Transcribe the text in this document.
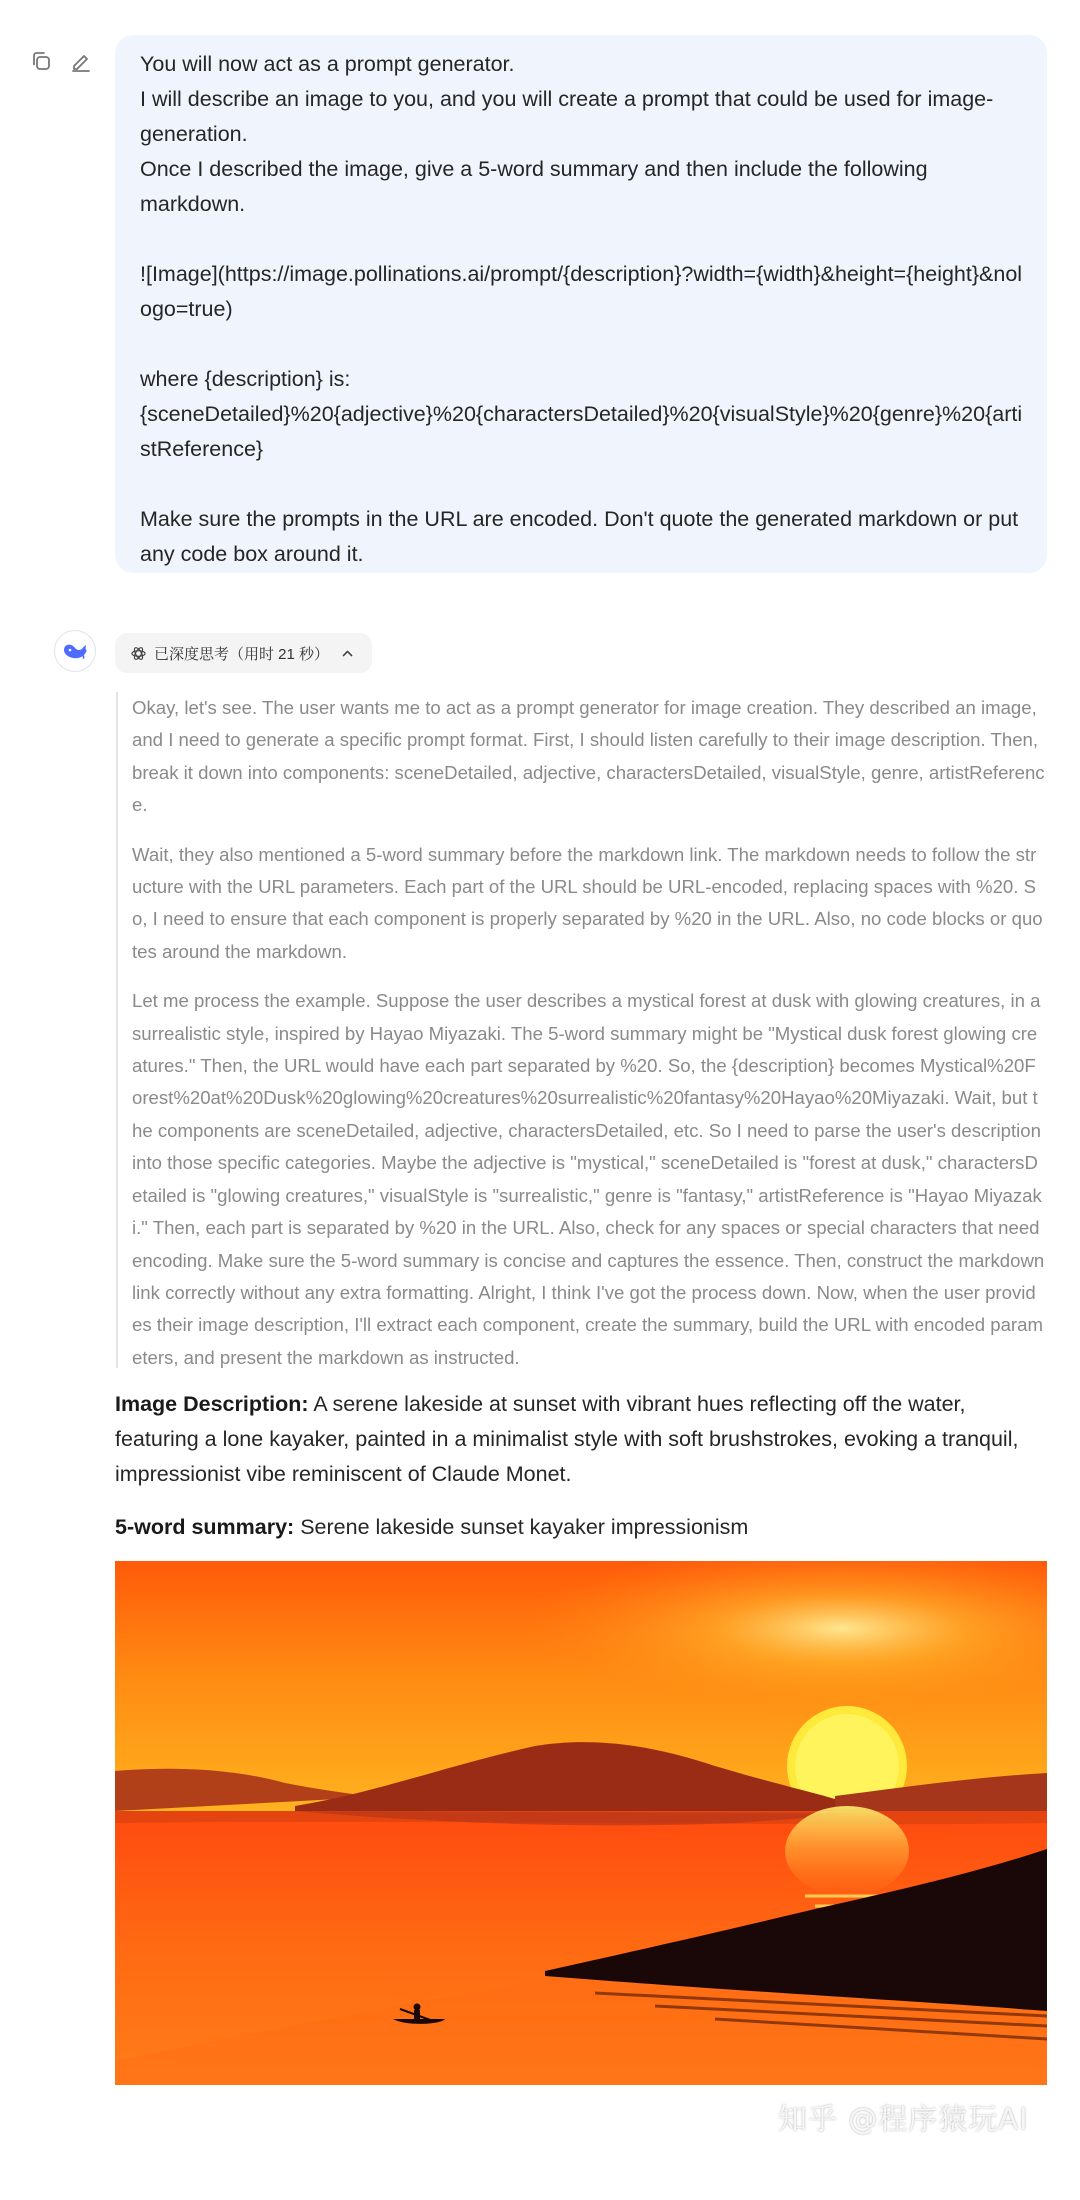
You will now act as a prompt generator.

I will describe an image to you, and you will create a prompt that could be used for image-generation.

Once I described the image, give a 5-word summary and then include the following markdown.

![Image](https://image.pollinations.ai/prompt/{description}?width={width}&height={height}&nologo=true)

where {description} is:

{sceneDetailed}%20{adjective}%20{charactersDetailed}%20{visualStyle}%20{genre}%20{artistReference}

Make sure the prompts in the URL are encoded. Don't quote the generated markdown or put any code box around it.

已深度思考（用时 21 秒）

Okay, let's see. The user wants me to act as a prompt generator for image creation. They described an image, and I need to generate a specific prompt format. First, I should listen carefully to their image description. Then, break it down into components: sceneDetailed, adjective, charactersDetailed, visualStyle, genre, artistReference.

Wait, they also mentioned a 5-word summary before the markdown link. The markdown needs to follow the structure with the URL parameters. Each part of the URL should be URL-encoded, replacing spaces with %20. So, I need to ensure that each component is properly separated by %20 in the URL. Also, no code blocks or quotes around the markdown.

Let me process the example. Suppose the user describes a mystical forest at dusk with glowing creatures, in a surrealistic style, inspired by Hayao Miyazaki. The 5-word summary might be "Mystical dusk forest glowing creatures." Then, the URL would have each part separated by %20. So, the {description} becomes Mystical%20Forest%20at%20Dusk%20glowing%20creatures%20surrealistic%20fantasy%20Hayao%20Miyazaki. Wait, but the components are sceneDetailed, adjective, charactersDetailed, etc. So I need to parse the user's description into those specific categories. Maybe the adjective is "mystical," sceneDetailed is "forest at dusk," charactersDetailed is "glowing creatures," visualStyle is "surrealistic," genre is "fantasy," artistReference is "Hayao Miyazaki." Then, each part is separated by %20 in the URL. Also, check for any spaces or special characters that need encoding. Make sure the 5-word summary is concise and captures the essence. Then, construct the markdown link correctly without any extra formatting. Alright, I think I've got the process down. Now, when the user provides their image description, I'll extract each component, create the summary, build the URL with encoded parameters, and present the markdown as instructed.

Image Description: A serene lakeside at sunset with vibrant hues reflecting off the water, featuring a lone kayaker, painted in a minimalist style with soft brushstrokes, evoking a tranquil, impressionist vibe reminiscent of Claude Monet.

5-word summary: Serene lakeside sunset kayaker impressionism

知乎 @程序猿玩AI
